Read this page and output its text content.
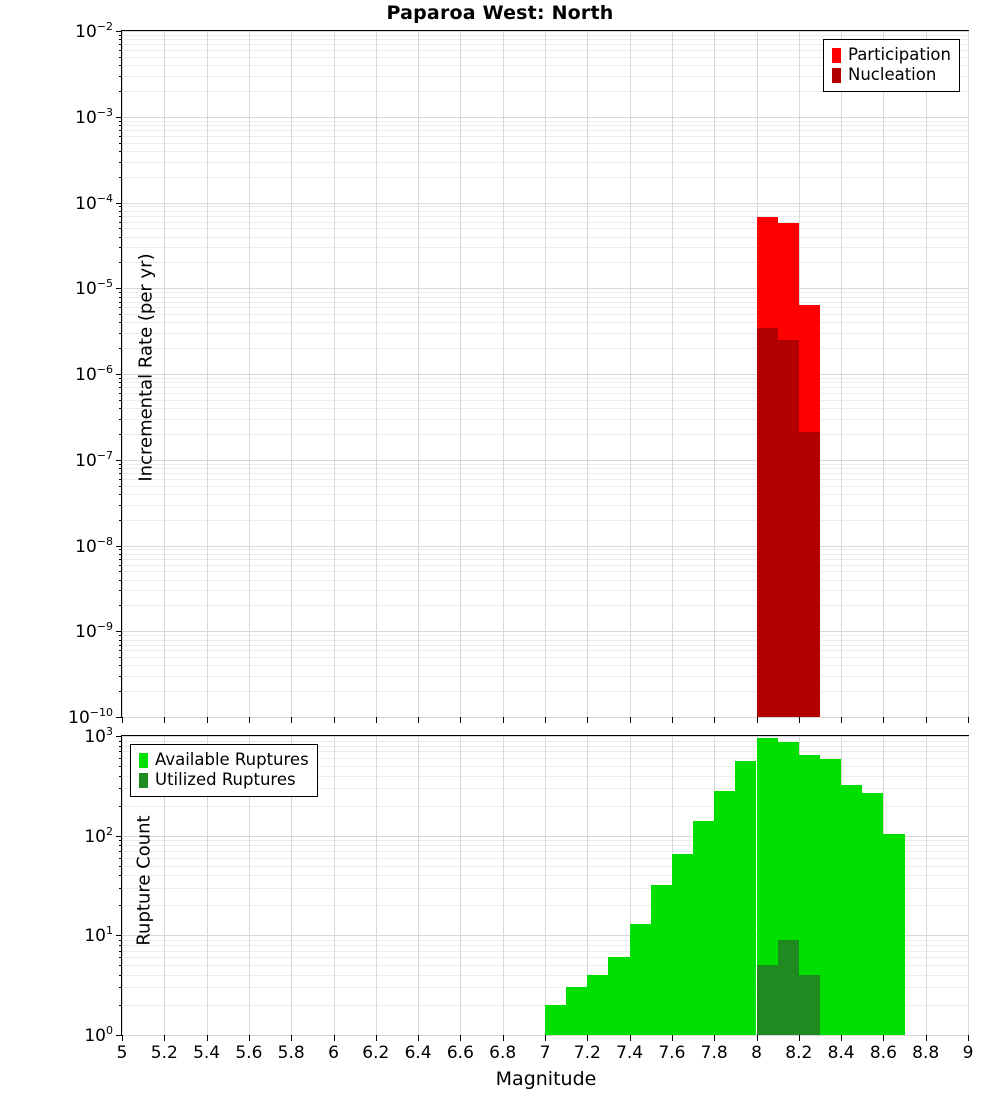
Paparoa West: North
$10^{-10}$
$10^{-9}$
$10^{-8}$
$10^{-7}$
$10^{-6}$
$10^{-5}$
$10^{-4}$
$10^{-3}$
$10^{-2}$
Incremental Rate (per yr)
Participation
Nucleation
$10^0$
$10^1$
$10^2$
$10^3$
5 5.2 5.4 5.6 5.8 6 6.2 6.4 6.6 6.8 7 7.2 7.4 7.6 7.8 8 8.2 8.4 8.6 8.8 9
Rupture Count
Magnitude
Available Ruptures
Utilized Ruptures
